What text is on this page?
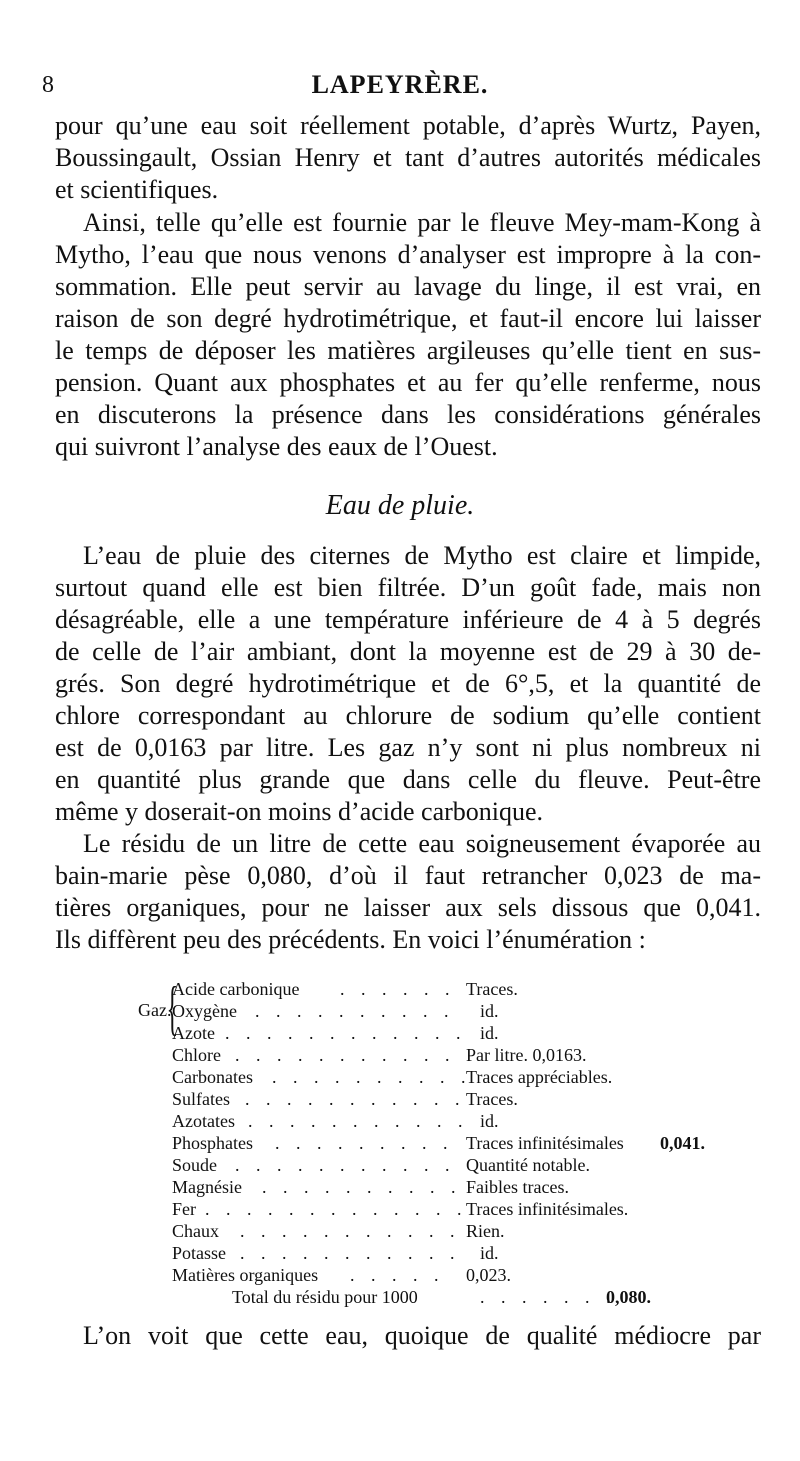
8	LAPEYRÈRE.
pour qu’une eau soit réellement potable, d’après Wurtz, Payen,
Boussingault, Ossian Henry et tant d’autres autorités médicales
et scientifiques.
Ainsi, telle qu’elle est fournie par le fleuve Mey-mam-Kong à
Mytho, l’eau que nous venons d’analyser est impropre à la con-
sommation. Elle peut servir au lavage du linge, il est vrai, en
raison de son degré hydrotimétrique, et faut-il encore lui laisser
le temps de déposer les matières argileuses qu’elle tient en sus-
pension. Quant aux phosphates et au fer qu’elle renferme, nous
en discuterons la présence dans les considérations générales
qui suivront l’analyse des eaux de l’Ouest.
Eau de pluie.
L’eau de pluie des citernes de Mytho est claire et limpide,
surtout quand elle est bien filtrée. D’un goût fade, mais non
désagréable, elle a une température inférieure de 4 à 5 degrés
de celle de l’air ambiant, dont la moyenne est de 29 à 30 de-
grés. Son degré hydrotimétrique et de 6°,5, et la quantité de
chlore correspondant au chlorure de sodium qu’elle contient
est de 0,0163 par litre. Les gaz n’y sont ni plus nombreux ni
en quantité plus grande que dans celle du fleuve. Peut-être
même y doserait-on moins d’acide carbonique.
Le résidu de un litre de cette eau soigneusement évaporée au
bain-marie pèse 0,080, d’où il faut retrancher 0,023 de ma-
tières organiques, pour ne laisser aux sels dissous que 0,041.
Ils diffèrent peu des précédents. En voici l’énumération :
Gaz.
{
Acide carbonique . . . . . . Traces.
Oxygène . . . . . . . . . . id.
Azote . . . . . . . . . . . . id.
Chlore . . . . . . . . . . . Par litre. 0,0163.
Carbonates . . . . . . . . . .
Traces appréciables.
Sulfates . . . . . . . . . . . Traces.
Azotates . . . . . . . . . . . id.
Phosphates . . . . . . . . . Traces infinitésimales 0,041.
Soude . . . . . . . . . . . Quantité notable.
Magnésie . . . . . . . . . . Faibles traces.
Fer . . . . . . . . . . . . .
Traces infinitésimales.
Chaux . . . . . . . . . . . Rien.
Potasse . . . . . . . . . . . id.
Matières organiques . . . . . 0,023.
Total du résidu pour 1000	. . . . . . .
0,080.
L’on voit que cette eau, quoique de qualité médiocre par
